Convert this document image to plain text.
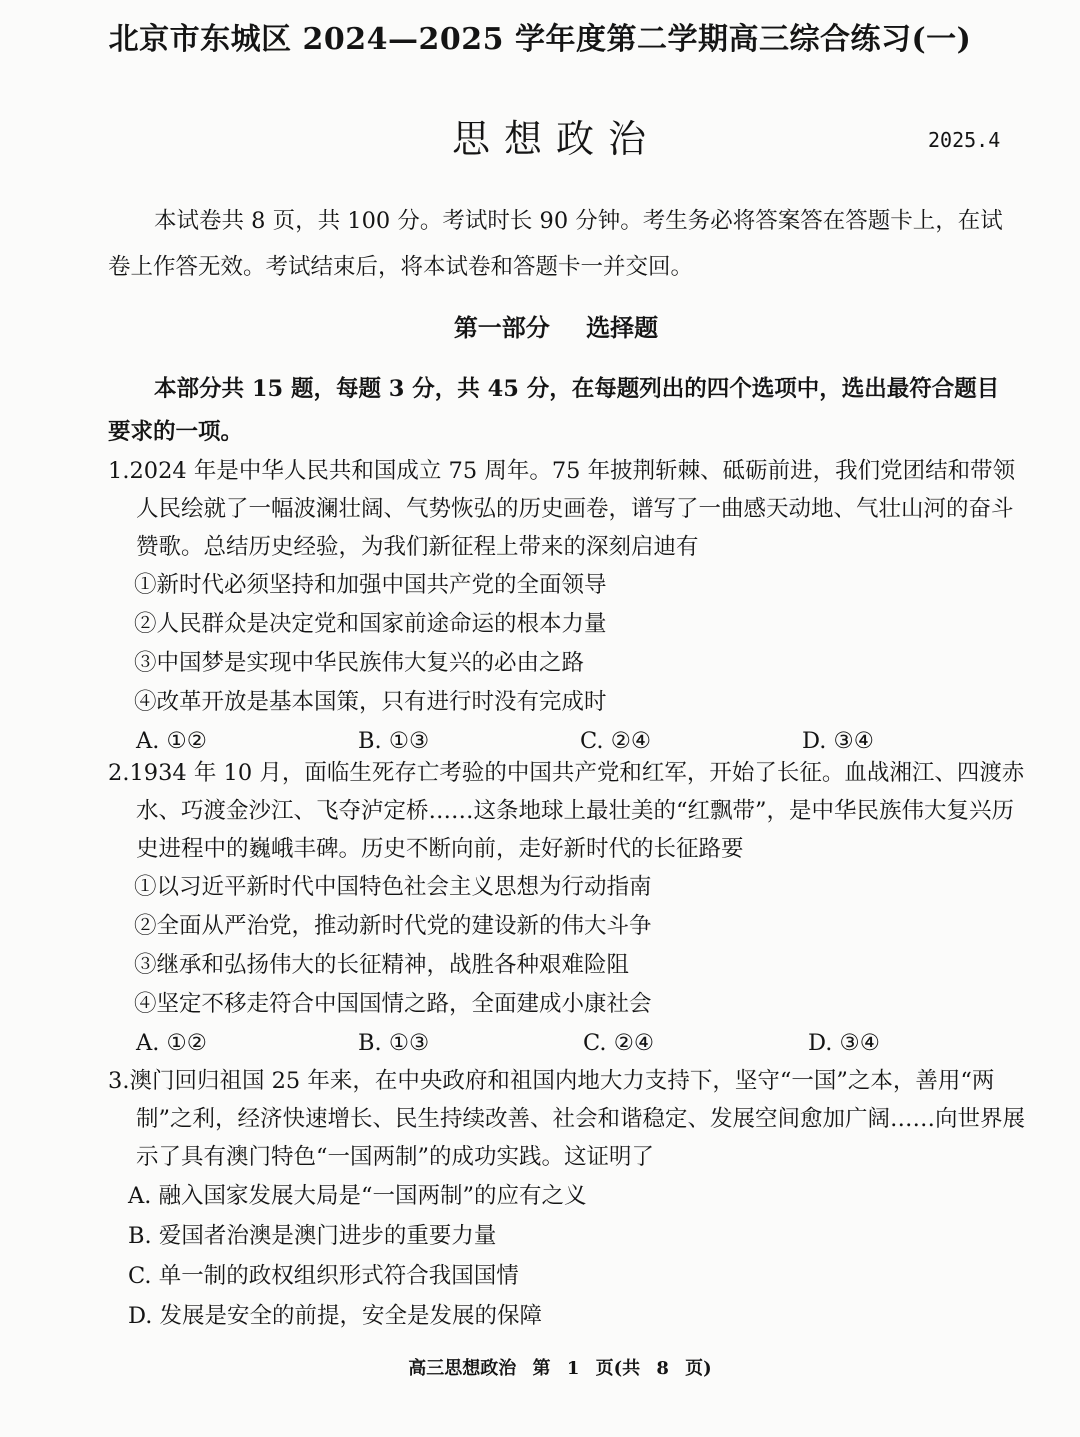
北京市东城区 2024—2025 学年度第二学期高三综合练习(一)
思想政治	2025.4
本试卷共 8 页，共 100 分。考试时长 90 分钟。考生务必将答案答在答题卡上，在试卷上作答无效。考试结束后，将本试卷和答题卡一并交回。
第一部分 选择题
本部分共 15 题，每题 3 分，共 45 分，在每题列出的四个选项中，选出最符合题目要求的一项。
1.2024 年是中华人民共和国成立 75 周年。75 年披荆斩棘、砥砺前进，我们党团结和带领人民绘就了一幅波澜壮阔、气势恢弘的历史画卷，谱写了一曲感天动地、气壮山河的奋斗赞歌。总结历史经验，为我们新征程上带来的深刻启迪有
①新时代必须坚持和加强中国共产党的全面领导
②人民群众是决定党和国家前途命运的根本力量
③中国梦是实现中华民族伟大复兴的必由之路
④改革开放是基本国策，只有进行时没有完成时
A. ①②	B. ①③	C. ②④	D. ③④
2.1934 年 10 月，面临生死存亡考验的中国共产党和红军，开始了长征。血战湘江、四渡赤水、巧渡金沙江、飞夺泸定桥……这条地球上最壮美的“红飘带”，是中华民族伟大复兴历史进程中的巍峨丰碑。历史不断向前，走好新时代的长征路要
①以习近平新时代中国特色社会主义思想为行动指南
②全面从严治党，推动新时代党的建设新的伟大斗争
③继承和弘扬伟大的长征精神，战胜各种艰难险阻
④坚定不移走符合中国国情之路，全面建成小康社会
A. ①②	B. ①③	C. ②④	D. ③④
3.澳门回归祖国 25 年来，在中央政府和祖国内地大力支持下，坚守“一国”之本，善用“两制”之利，经济快速增长、民生持续改善、社会和谐稳定、发展空间愈加广阔……向世界展示了具有澳门特色“一国两制”的成功实践。这证明了
A. 融入国家发展大局是“一国两制”的应有之义
B. 爱国者治澳是澳门进步的重要力量
C. 单一制的政权组织形式符合我国国情
D. 发展是安全的前提，安全是发展的保障
高三思想政治 第 1 页(共 8 页)
